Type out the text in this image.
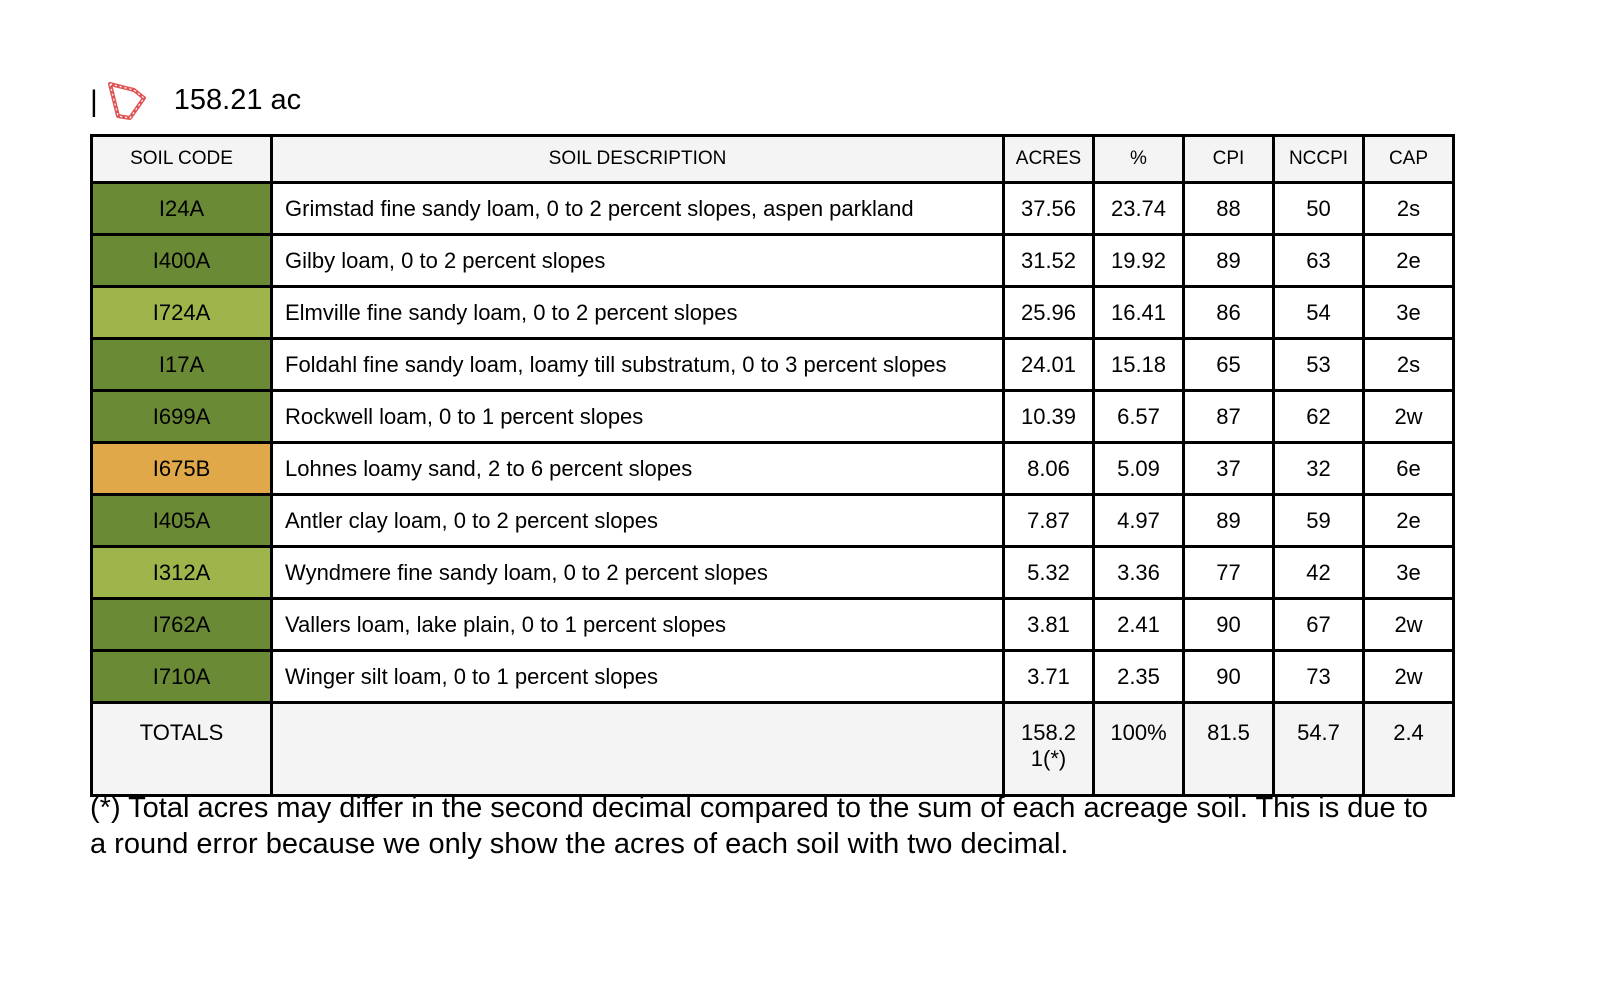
|	158.21 ac
SOIL CODE	SOIL DESCRIPTION	ACRES	%	CPI	NCCPI	CAP
I24A	Grimstad fine sandy loam, 0 to 2 percent slopes, aspen parkland	37.56	23.74	88	50	2s
I400A	Gilby loam, 0 to 2 percent slopes	31.52	19.92	89	63	2e
I724A	Elmville fine sandy loam, 0 to 2 percent slopes	25.96	16.41	86	54	3e
I17A	Foldahl fine sandy loam, loamy till substratum, 0 to 3 percent slopes	24.01	15.18	65	53	2s
I699A	Rockwell loam, 0 to 1 percent slopes	10.39	6.57	87	62	2w
I675B	Lohnes loamy sand, 2 to 6 percent slopes	8.06	5.09	37	32	6e
I405A	Antler clay loam, 0 to 2 percent slopes	7.87	4.97	89	59	2e
I312A	Wyndmere fine sandy loam, 0 to 2 percent slopes	5.32	3.36	77	42	3e
I762A	Vallers loam, lake plain, 0 to 1 percent slopes	3.81	2.41	90	67	2w
I710A	Winger silt loam, 0 to 1 percent slopes	3.71	2.35	90	73	2w
TOTALS		158.21(*)	100%	81.5	54.7	2.4
(*) Total acres may differ in the second decimal compared to the sum of each acreage soil. This is due to a round error because we only show the acres of each soil with two decimal.
